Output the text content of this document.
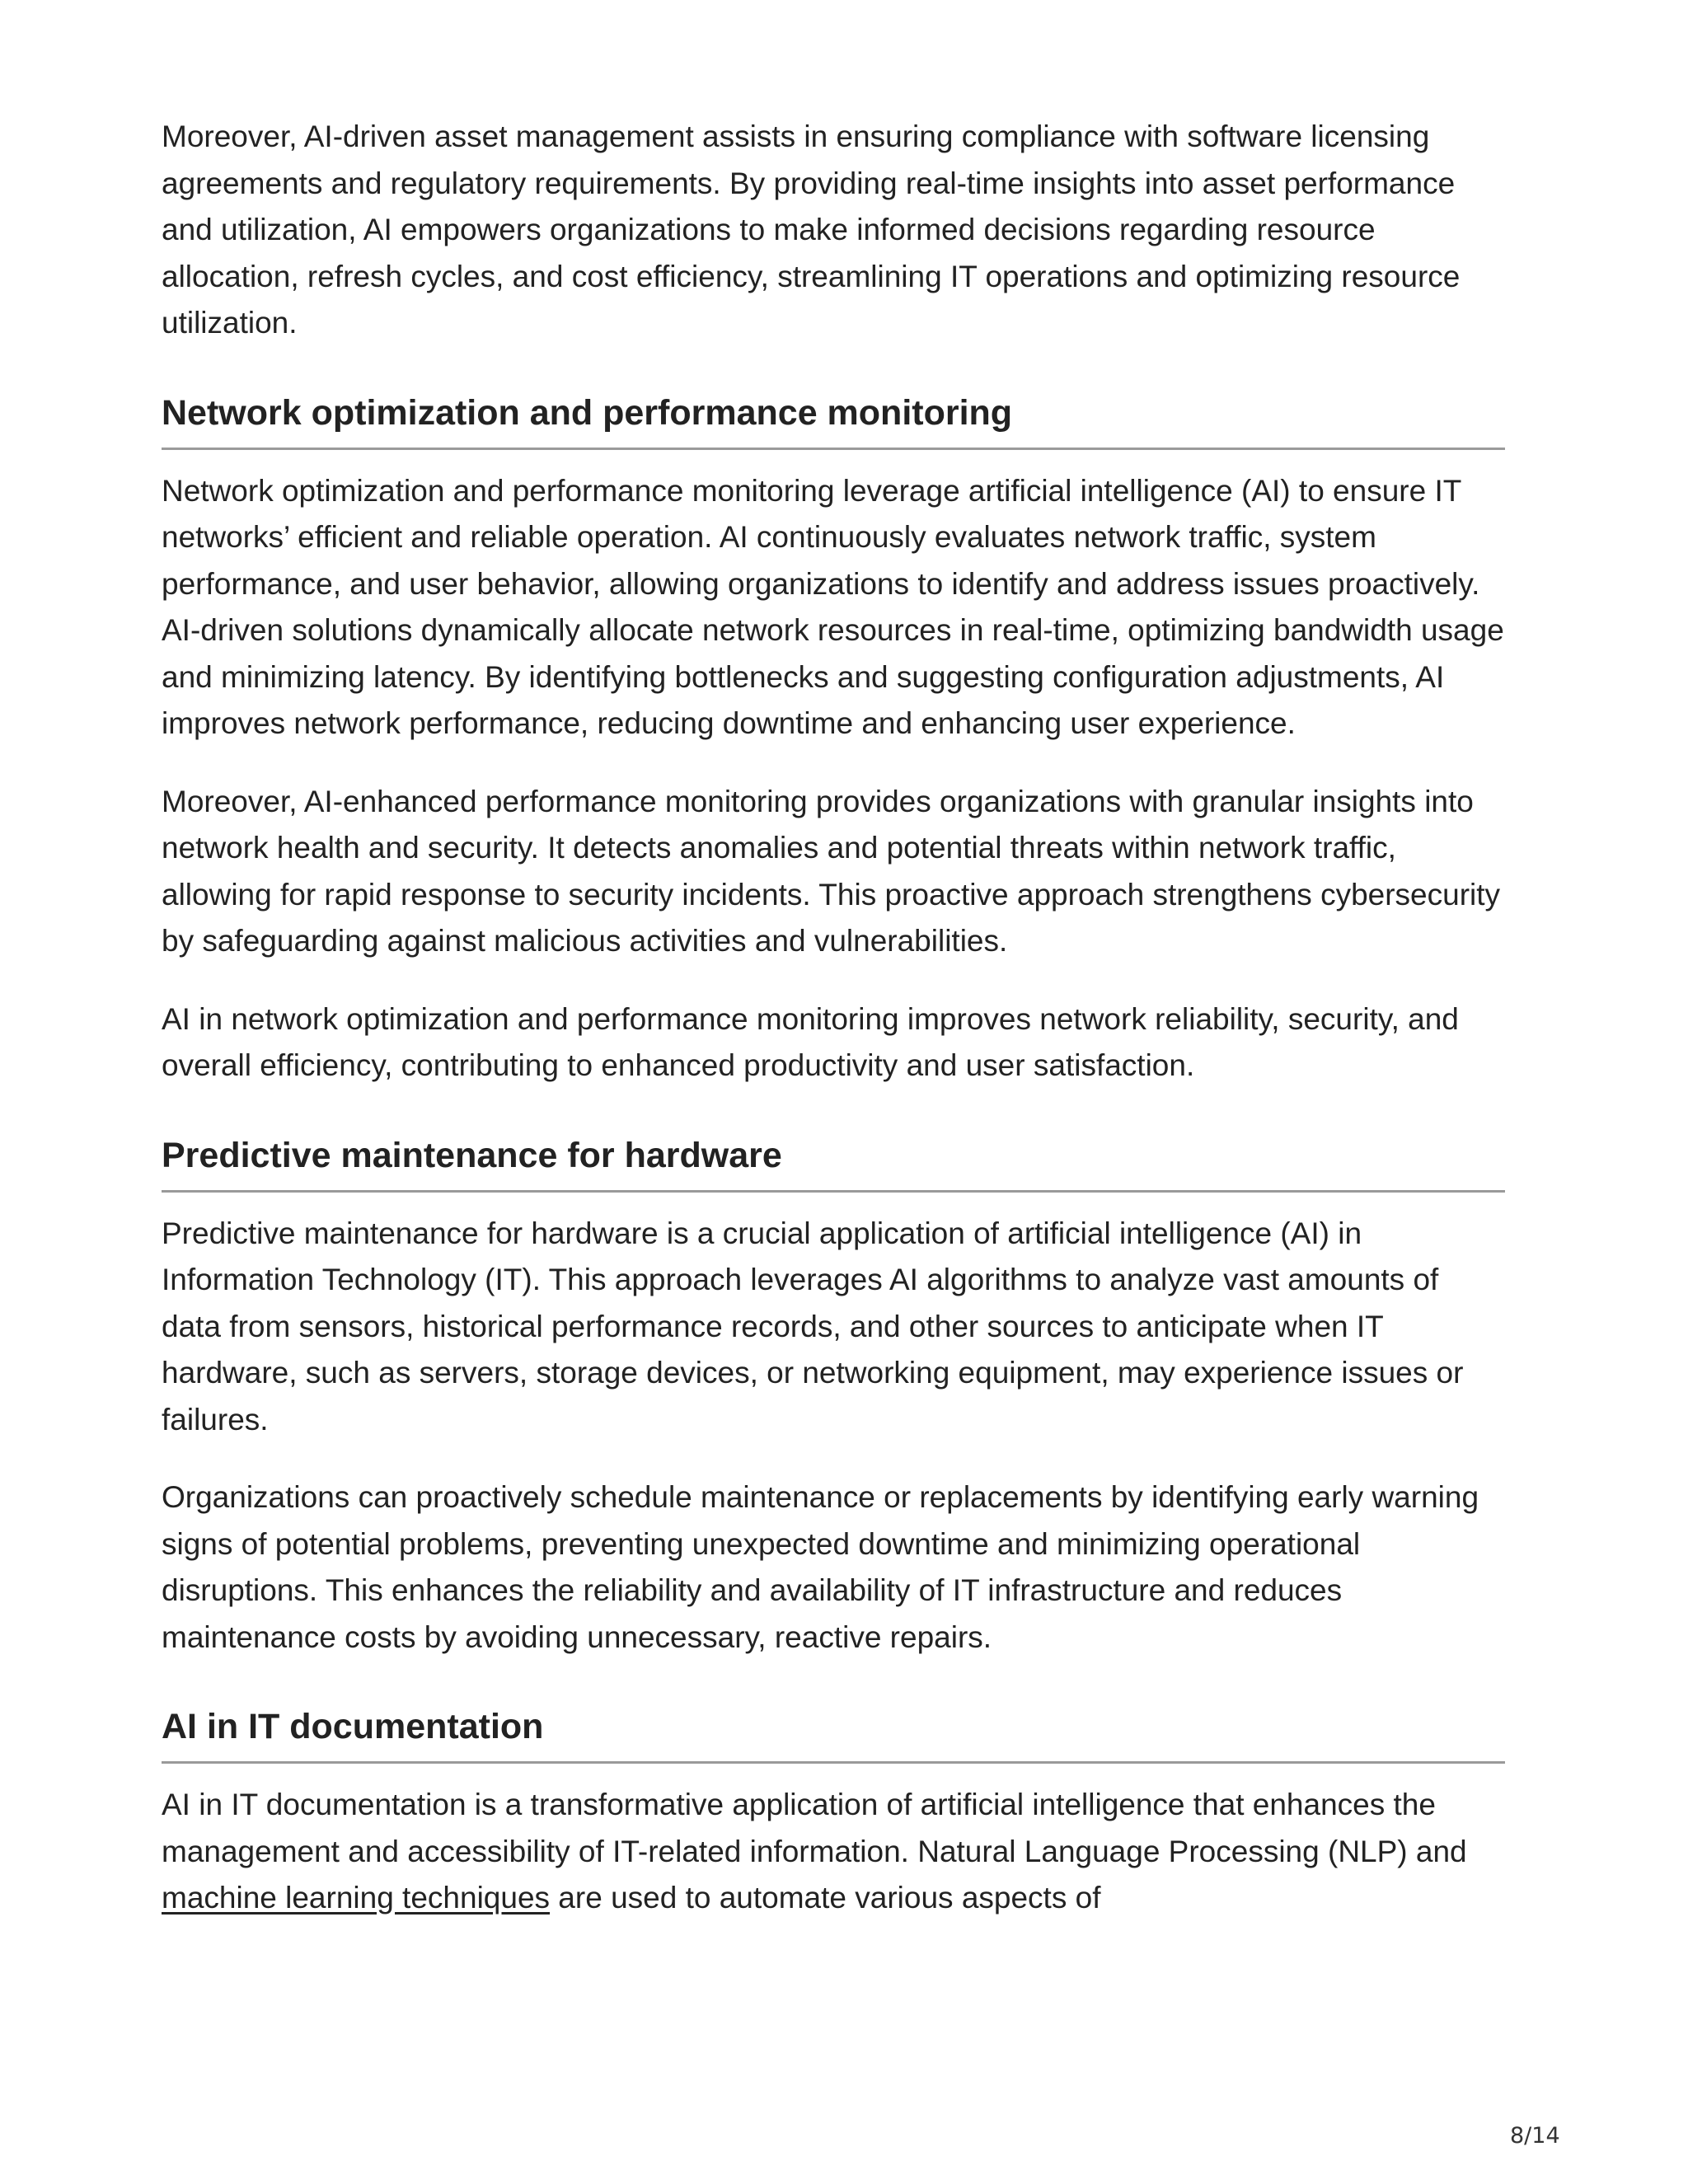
Moreover, AI-driven asset management assists in ensuring compliance with software licensing agreements and regulatory requirements. By providing real-time insights into asset performance and utilization, AI empowers organizations to make informed decisions regarding resource allocation, refresh cycles, and cost efficiency, streamlining IT operations and optimizing resource utilization.

Network optimization and performance monitoring

Network optimization and performance monitoring leverage artificial intelligence (AI) to ensure IT networks’ efficient and reliable operation. AI continuously evaluates network traffic, system performance, and user behavior, allowing organizations to identify and address issues proactively. AI-driven solutions dynamically allocate network resources in real-time, optimizing bandwidth usage and minimizing latency. By identifying bottlenecks and suggesting configuration adjustments, AI improves network performance, reducing downtime and enhancing user experience.

Moreover, AI-enhanced performance monitoring provides organizations with granular insights into network health and security. It detects anomalies and potential threats within network traffic, allowing for rapid response to security incidents. This proactive approach strengthens cybersecurity by safeguarding against malicious activities and vulnerabilities.

AI in network optimization and performance monitoring improves network reliability, security, and overall efficiency, contributing to enhanced productivity and user satisfaction.

Predictive maintenance for hardware

Predictive maintenance for hardware is a crucial application of artificial intelligence (AI) in Information Technology (IT). This approach leverages AI algorithms to analyze vast amounts of data from sensors, historical performance records, and other sources to anticipate when IT hardware, such as servers, storage devices, or networking equipment, may experience issues or failures.

Organizations can proactively schedule maintenance or replacements by identifying early warning signs of potential problems, preventing unexpected downtime and minimizing operational disruptions. This enhances the reliability and availability of IT infrastructure and reduces maintenance costs by avoiding unnecessary, reactive repairs.

AI in IT documentation

AI in IT documentation is a transformative application of artificial intelligence that enhances the management and accessibility of IT-related information. Natural Language Processing (NLP) and machine learning techniques are used to automate various aspects of

8/14
